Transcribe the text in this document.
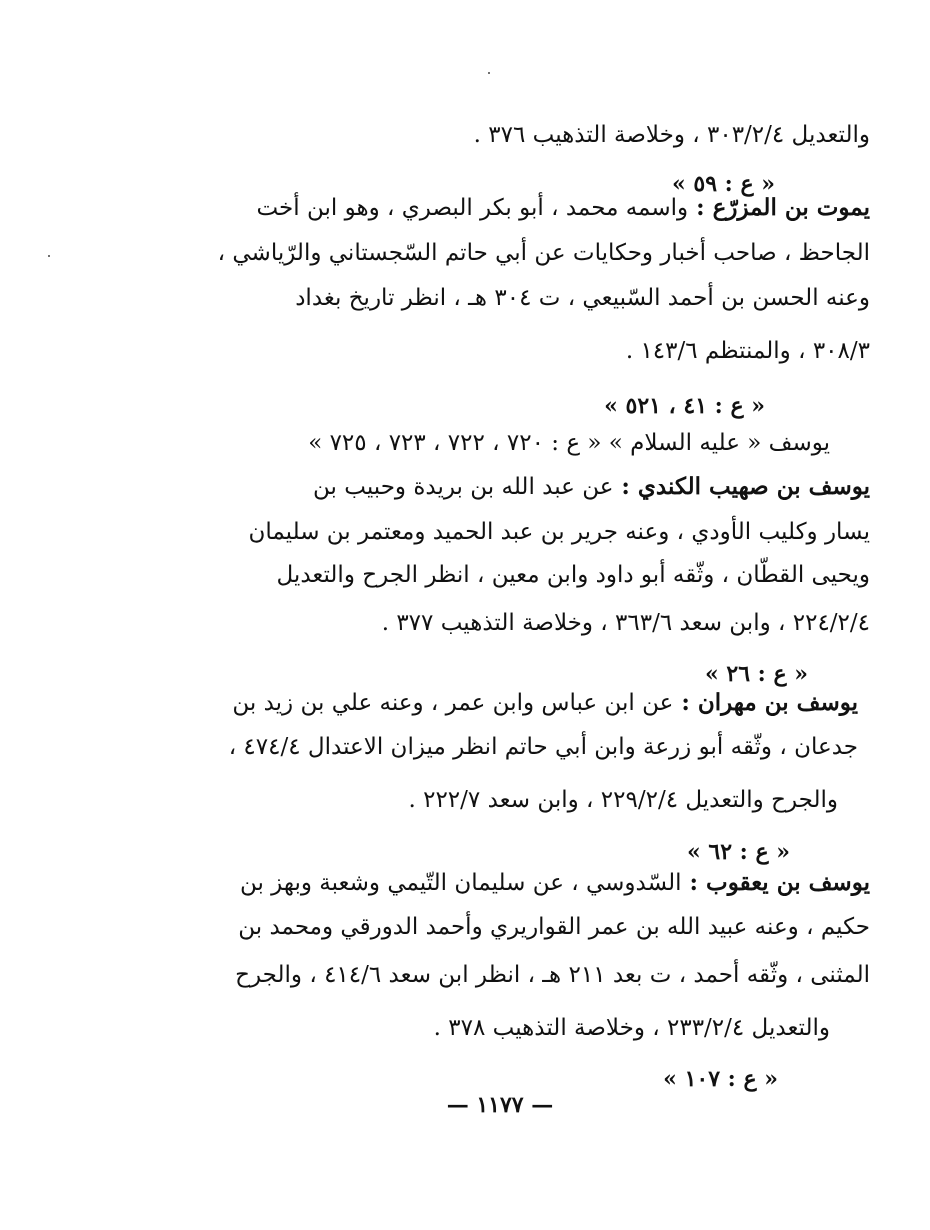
والتعديل ٣٠٣/٢/٤ ، وخلاصة التذهيب ٣٧٦ .
« ع : ٥٩ »
يموت بن المزرّع : واسمه محمد ، أبو بكر البصري ، وهو ابن أخت
الجاحظ ، صاحب أخبار وحكايات عن أبي حاتم السّجستاني والرّياشي ،
وعنه الحسن بن أحمد السّبيعي ، ت ٣٠٤ هـ ، انظر تاريخ بغداد
٣٠٨/٣ ، والمنتظم ١٤٣/٦ .
« ع : ٤١ ، ٥٢١ »
يوسف « عليه السلام » « ع : ٧٢٠ ، ٧٢٢ ، ٧٢٣ ، ٧٢٥ »
يوسف بن صهيب الكندي : عن عبد الله بن بريدة وحبيب بن
يسار وكليب الأودي ، وعنه جرير بن عبد الحميد ومعتمر بن سليمان
ويحيى القطّان ، وثّقه أبو داود وابن معين ، انظر الجرح والتعديل
٢٢٤/٢/٤ ، وابن سعد ٣٦٣/٦ ، وخلاصة التذهيب ٣٧٧ .
« ع : ٢٦ »
يوسف بن مهران : عن ابن عباس وابن عمر ، وعنه علي بن زيد بن
جدعان ، وثّقه أبو زرعة وابن أبي حاتم انظر ميزان الاعتدال ٤٧٤/٤ ،
والجرح والتعديل ٢٢٩/٢/٤ ، وابن سعد ٢٢٢/٧ .
« ع : ٦٢ »
يوسف بن يعقوب : السّدوسي ، عن سليمان التّيمي وشعبة وبهز بن
حكيم ، وعنه عبيد الله بن عمر القواريري وأحمد الدورقي ومحمد بن
المثنى ، وثّقه أحمد ، ت بعد ٢١١ هـ ، انظر ابن سعد ٤١٤/٦ ، والجرح
والتعديل ٢٣٣/٢/٤ ، وخلاصة التذهيب ٣٧٨ .
« ع : ١٠٧ »
— ١١٧٧ —
